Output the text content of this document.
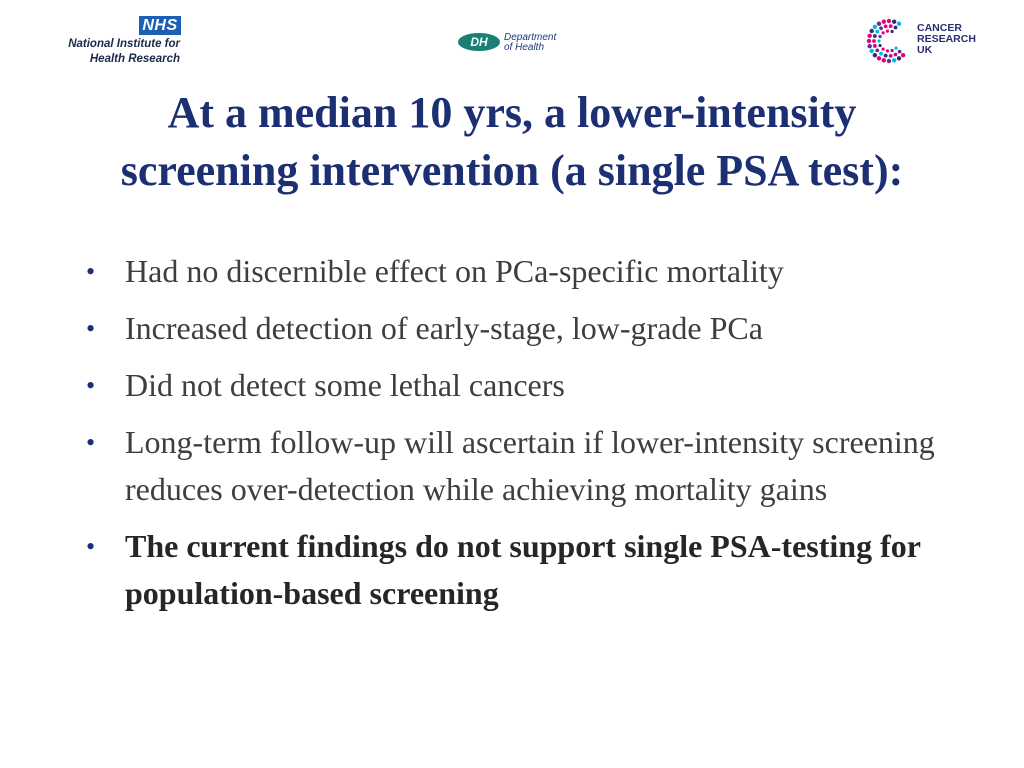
NHS
National Institute for
Health Research
DH	Department
of Health
CANCER
RESEARCH
UK
At a median 10 yrs, a lower-intensity
screening intervention (a single PSA test):
• Had no discernible effect on PCa-specific mortality
• Increased detection of early-stage, low-grade PCa
• Did not detect some lethal cancers
• Long-term follow-up will ascertain if lower-intensity screening reduces over-detection while achieving mortality gains
• The current findings do not support single PSA-testing for population-based screening
